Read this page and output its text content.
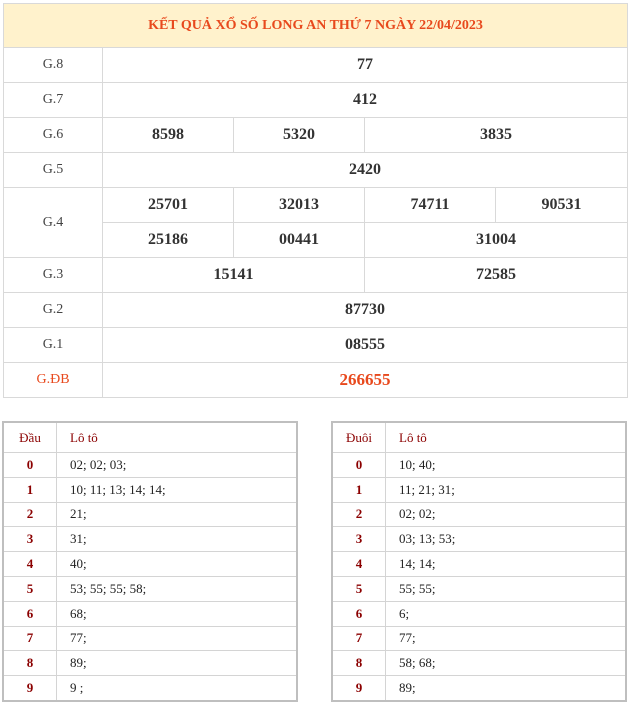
KẾT QUẢ XỔ SỐ LONG AN THỨ 7 NGÀY 22/04/2023				
G.8	77			
G.7	412			
G.6	8598	5320	3835	
G.5	2420			
G.4	25701	32013	74711	90531
	25186	00441	31004	
G.3	15141		72585	
G.2	87730			
G.1	08555			
G.ĐB	266655			
Đầu	Lô tô
0	02; 02; 03;
1	10; 11; 13; 14; 14;
2	21;
3	31;
4	40;
5	53; 55; 55; 58;
6	68;
7	77;
8	89;
9	9 ;
Đuôi	Lô tô
0	10; 40;
1	11; 21; 31;
2	02; 02;
3	03; 13; 53;
4	14; 14;
5	55; 55;
6	6;
7	77;
8	58; 68;
9	89;
